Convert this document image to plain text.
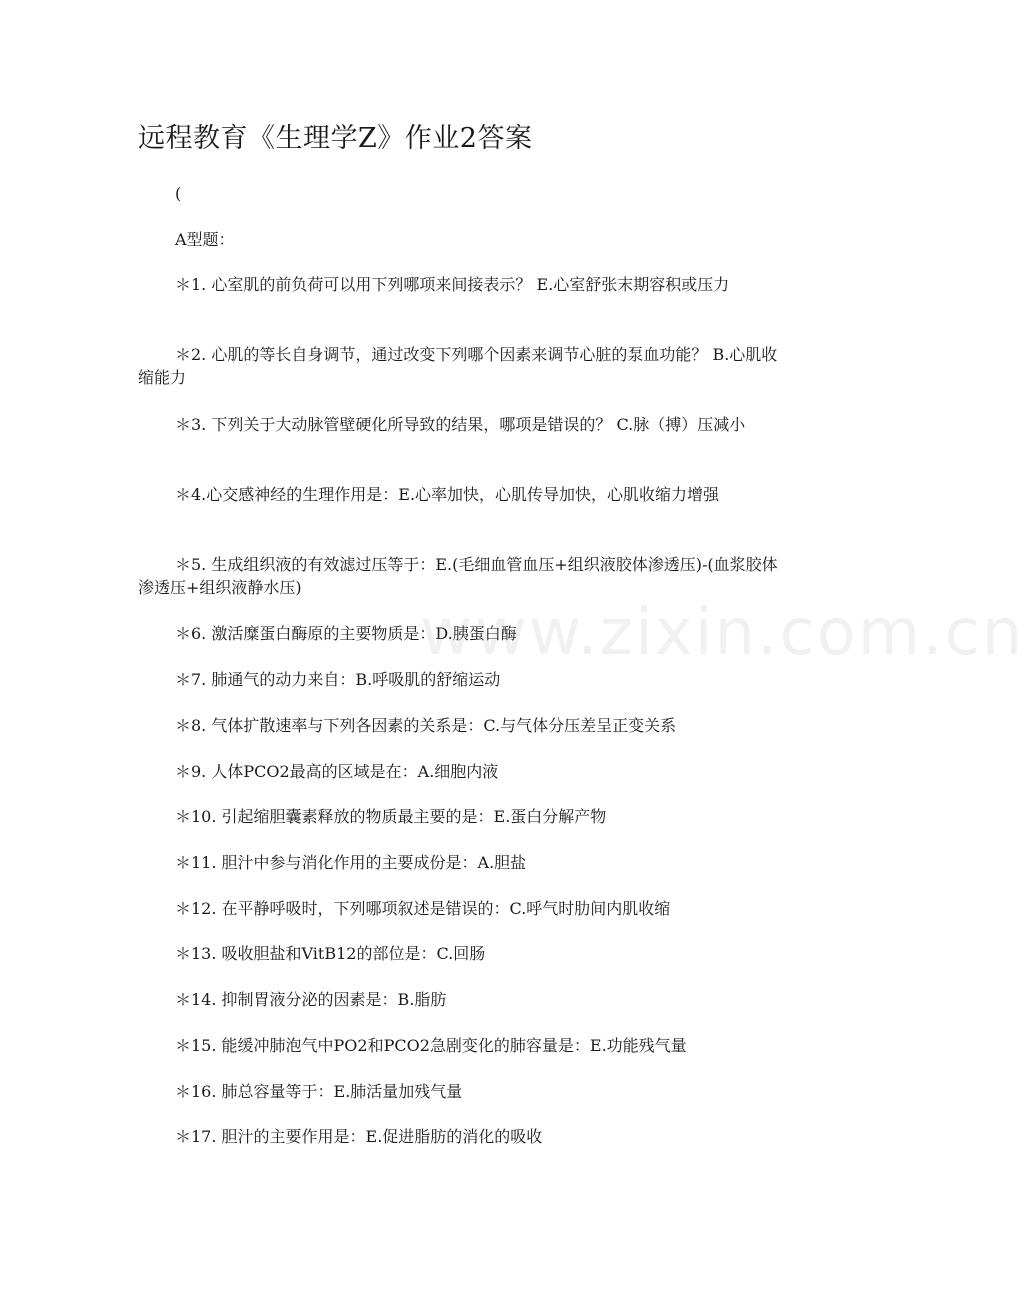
远程教育《生理学Z》作业2答案
(
A型题：
＊1. 心室肌的前负荷可以用下列哪项来间接表示？ E.心室舒张末期容积或压力
＊2. 心肌的等长自身调节，通过改变下列哪个因素来调节心脏的泵血功能？ B.心肌收缩能力
＊3. 下列关于大动脉管壁硬化所导致的结果，哪项是错误的？ C.脉（搏）压减小
＊4.心交感神经的生理作用是：E.心率加快，心肌传导加快，心肌收缩力增强
＊5. 生成组织液的有效滤过压等于：E.(毛细血管血压+组织液胶体渗透压)-(血浆胶体渗透压+组织液静水压)
＊6. 激活糜蛋白酶原的主要物质是：D.胰蛋白酶
＊7. 肺通气的动力来自：B.呼吸肌的舒缩运动
＊8. 气体扩散速率与下列各因素的关系是：C.与气体分压差呈正变关系
＊9. 人体PCO2最高的区域是在：A.细胞内液
＊10. 引起缩胆囊素释放的物质最主要的是：E.蛋白分解产物
＊11. 胆汁中参与消化作用的主要成份是：A.胆盐
＊12. 在平静呼吸时，下列哪项叙述是错误的：C.呼气时肋间内肌收缩
＊13. 吸收胆盐和VitB12的部位是：C.回肠
＊14. 抑制胃液分泌的因素是：B.脂肪
＊15. 能缓冲肺泡气中PO2和PCO2急剧变化的肺容量是：E.功能残气量
＊16. 肺总容量等于：E.肺活量加残气量
＊17. 胆汁的主要作用是：E.促进脂肪的消化的吸收
www.zixin.com.cn
